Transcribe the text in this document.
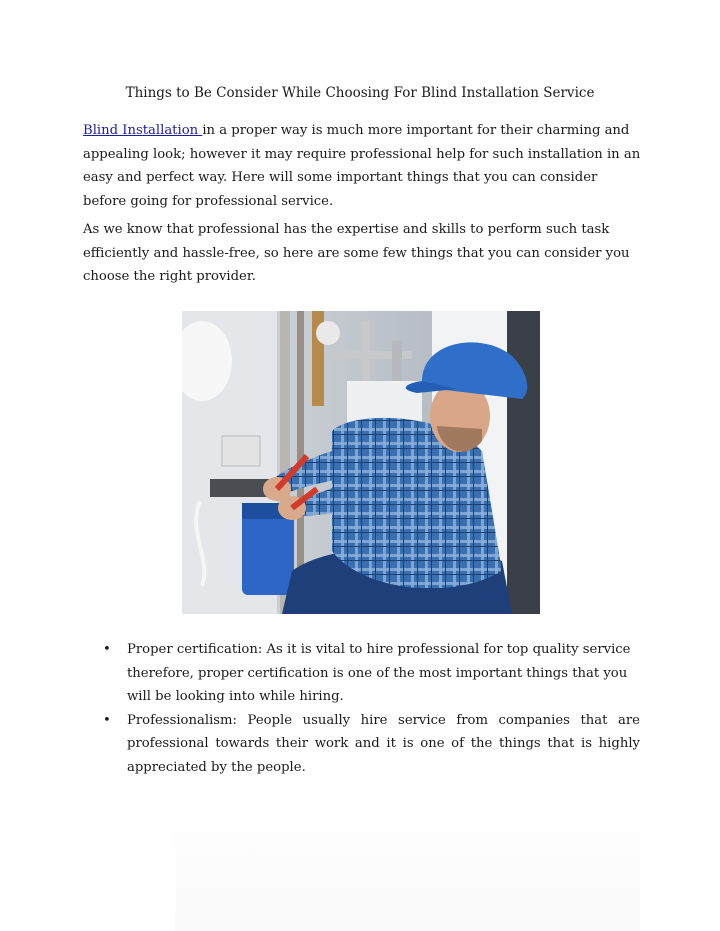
Things to Be Consider While Choosing For Blind Installation Service

Blind Installation in a proper way is much more important for their charming and appealing look; however it may require professional help for such installation in an easy and perfect way. Here will some important things that you can consider before going for professional service.

As we know that professional has the expertise and skills to perform such task efficiently and hassle-free, so here are some few things that you can consider you choose the right provider.

• Proper certification: As it is vital to hire professional for top quality service therefore, proper certification is one of the most important things that you will be looking into while hiring.
• Professionalism: People usually hire service from companies that are professional towards their work and it is one of the things that is highly appreciated by the people.
